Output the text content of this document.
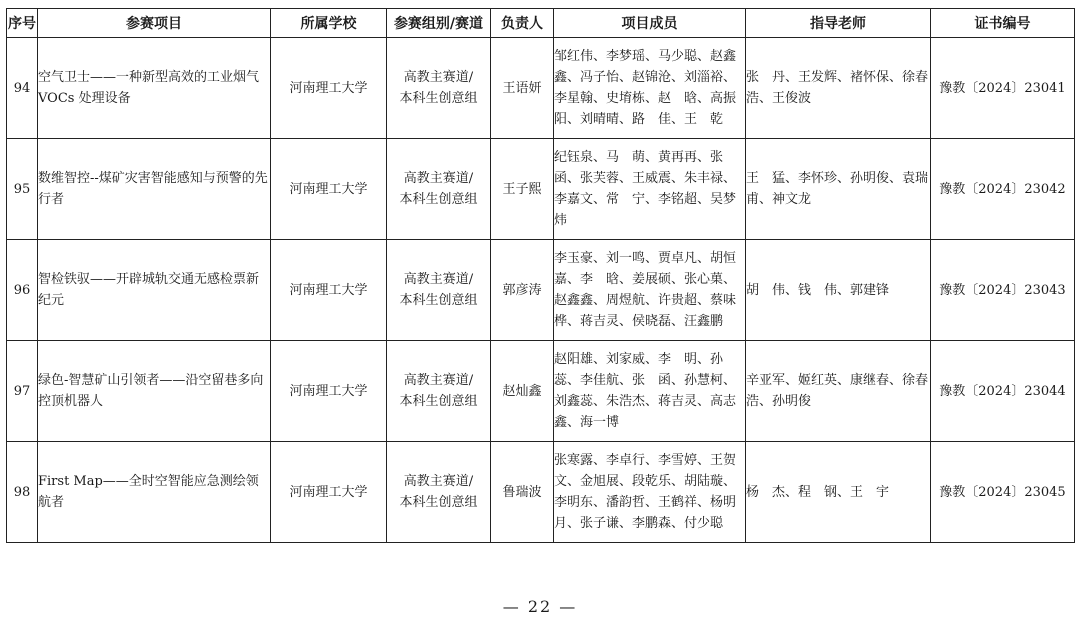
序号	参赛项目	所属学校	参赛组别/赛道	负责人	项目成员	指导老师	证书编号
94	空气卫士——一种新型高效的工业烟气 VOCs 处理设备	河南理工大学	高教主赛道/
本科生创意组	王语妍	邹红伟、李梦瑶、马少聪、赵鑫鑫、冯子怡、赵锦沧、刘淄裕、李星翰、史堉栋、赵　晗、高振阳、刘晴晴、路　佳、王　乾	张　丹、王发辉、褚怀保、徐春浩、王俊波	豫教〔2024〕23041
95	数维智控--煤矿灾害智能感知与预警的先行者	河南理工大学	高教主赛道/
本科生创意组	王子熙	纪钰泉、马　萌、黄再再、张　函、张芙蓉、王威震、朱丰禄、李嘉文、常　宁、李铭超、吴梦炜	王　猛、李怀珍、孙明俊、袁瑞甫、神文龙	豫教〔2024〕23042
96	智检铁驭——开辟城轨交通无感检票新纪元	河南理工大学	高教主赛道/
本科生创意组	郭彦涛	李玉豪、刘一鸣、贾卓凡、胡恒嘉、李　晗、姜展硕、张心菓、赵鑫鑫、周煜航、许贵超、蔡味桦、蒋吉灵、侯晓磊、汪鑫鹏	胡　伟、钱　伟、郭建锋	豫教〔2024〕23043
97	绿色-智慧矿山引领者——沿空留巷多向控顶机器人	河南理工大学	高教主赛道/
本科生创意组	赵灿鑫	赵阳雄、刘家威、李　明、孙　蕊、李佳航、张　函、孙慧柯、刘鑫蕊、朱浩杰、蒋吉灵、高志鑫、海一博	辛亚军、姬红英、康继春、徐春浩、孙明俊	豫教〔2024〕23044
98	First Map——全时空智能应急测绘领航者	河南理工大学	高教主赛道/
本科生创意组	鲁瑞波	张寒露、李卓行、李雪婷、王贺文、金旭展、段乾乐、胡陆璇、李明东、潘韵哲、王鹤祥、杨明月、张子谦、李鹏森、付少聪	杨　杰、程　钢、王　宇	豫教〔2024〕23045
— 22 —
